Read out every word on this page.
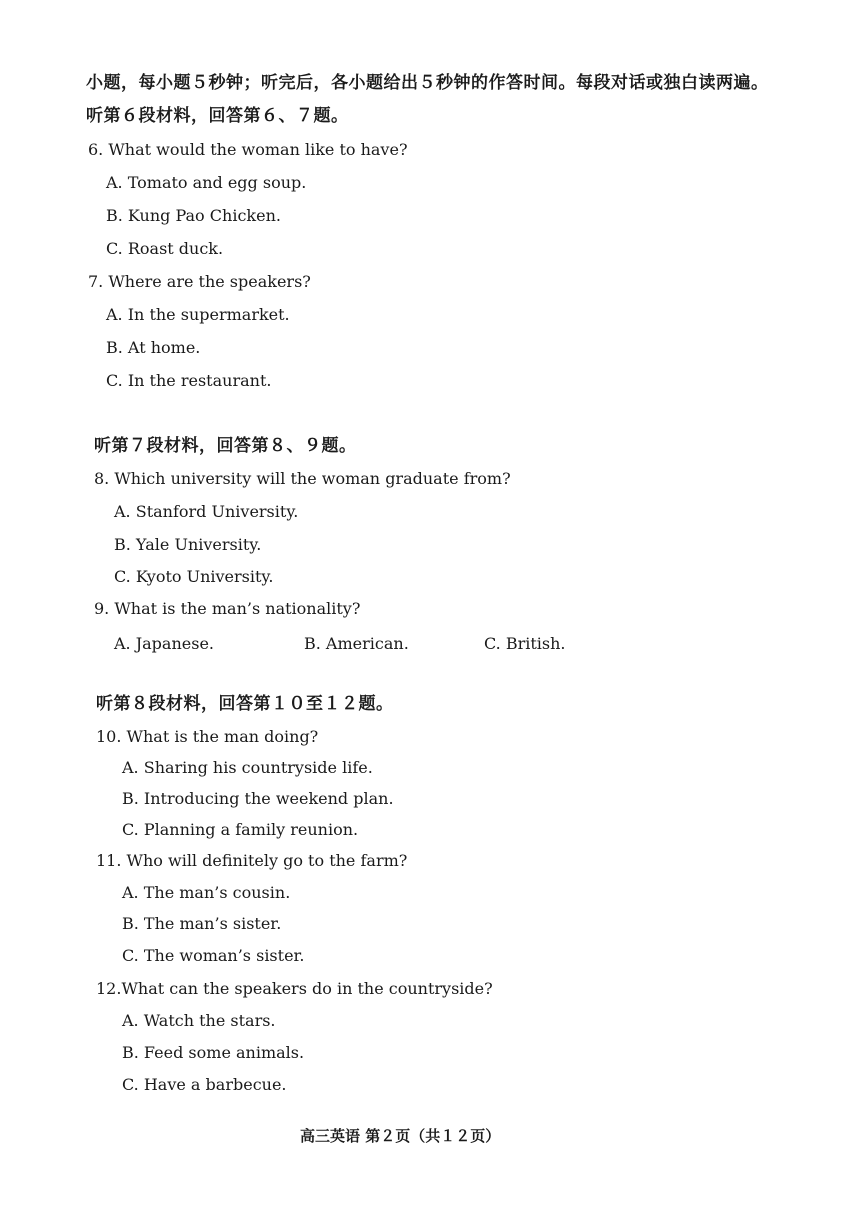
小题，每小题５秒钟；听完后，各小题给出５秒钟的作答时间。每段对话或独白读两遍。
听第６段材料，回答第６、７题。
6. What would the woman like to have?
A. Tomato and egg soup.
B. Kung Pao Chicken.
C. Roast duck.
7. Where are the speakers?
A. In the supermarket.
B. At home.
C. In the restaurant.
听第７段材料，回答第８、９题。
8. Which university will the woman graduate from?
A. Stanford University.
B. Yale University.
C. Kyoto University.
9. What is the man’s nationality?
A. Japanese.	B. American.	C. British.
听第８段材料，回答第１０至１２题。
10. What is the man doing?
A. Sharing his countryside life.
B. Introducing the weekend plan.
C. Planning a family reunion.
11. Who will definitely go to the farm?
A. The man’s cousin.
B. The man’s sister.
C. The woman’s sister.
12.What can the speakers do in the countryside?
A. Watch the stars.
B. Feed some animals.
C. Have a barbecue.
高三英语 第２页（共１２页）
